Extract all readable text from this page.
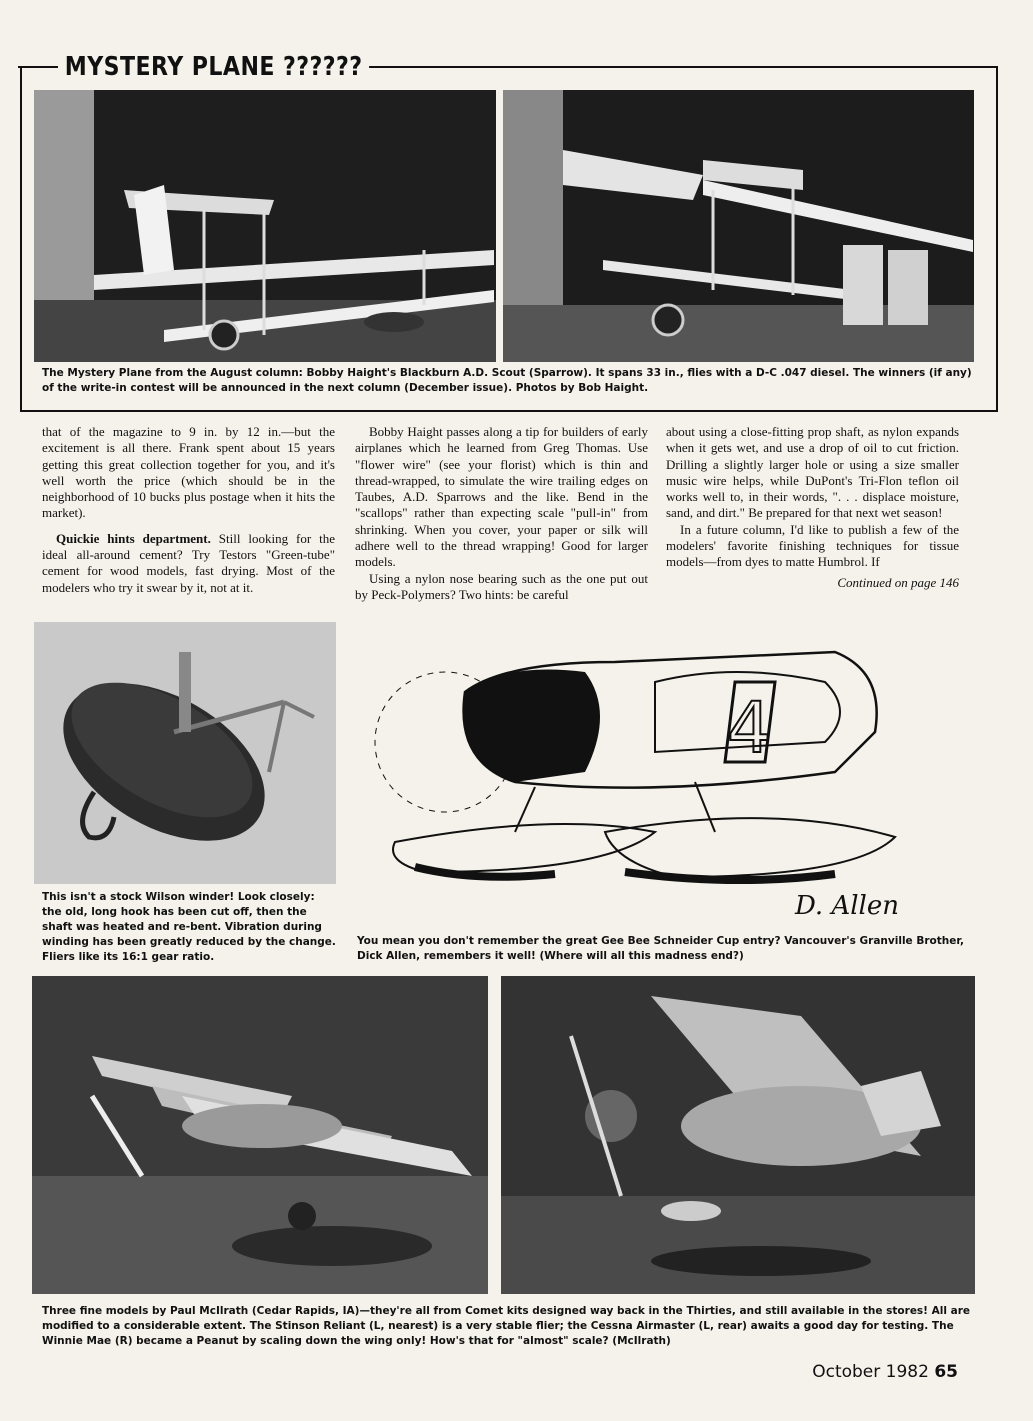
MYSTERY PLANE ??????
The Mystery Plane from the August column: Bobby Haight's Blackburn A.D. Scout (Sparrow). It spans 33 in., flies with a D-C .047 diesel. The winners (if any) of the write-in contest will be announced in the next column (December issue). Photos by Bob Haight.

that of the magazine to 9 in. by 12 in.—but the excitement is all there. Frank spent about 15 years getting this great collection together for you, and it's well worth the price (which should be in the neighborhood of 10 bucks plus postage when it hits the market).

Quickie hints department. Still looking for the ideal all-around cement? Try Testors "Green-tube" cement for wood models, fast drying. Most of the modelers who try it swear by it, not at it.

Bobby Haight passes along a tip for builders of early airplanes which he learned from Greg Thomas. Use "flower wire" (see your florist) which is thin and thread-wrapped, to simulate the wire trailing edges on Taubes, A.D. Sparrows and the like. Bend in the "scallops" rather than expecting scale "pull-in" from shrinking. When you cover, your paper or silk will adhere well to the thread wrapping! Good for larger models.

Using a nylon nose bearing such as the one put out by Peck-Polymers? Two hints: be careful

about using a close-fitting prop shaft, as nylon expands when it gets wet, and use a drop of oil to cut friction. Drilling a slightly larger hole or using a size smaller music wire helps, while DuPont's Tri-Flon teflon oil works well to, in their words, ". . . displace moisture, sand, and dirt." Be prepared for that next wet season!

In a future column, I'd like to publish a few of the modelers' favorite finishing techniques for tissue models—from dyes to matte Humbrol. If

Continued on page 146
This isn't a stock Wilson winder! Look closely: the old, long hook has been cut off, then the shaft was heated and re-bent. Vibration during winding has been greatly reduced by the change. Fliers like its 16:1 gear ratio.
D. Allen
4
You mean you don't remember the great Gee Bee Schneider Cup entry? Vancouver's Granville Brother, Dick Allen, remembers it well! (Where will all this madness end?)
Three fine models by Paul McIlrath (Cedar Rapids, IA)—they're all from Comet kits designed way back in the Thirties, and still available in the stores! All are modified to a considerable extent. The Stinson Reliant (L, nearest) is a very stable flier; the Cessna Airmaster (L, rear) awaits a good day for testing. The Winnie Mae (R) became a Peanut by scaling down the wing only! How's that for "almost" scale? (McIlrath)
October 1982 65
